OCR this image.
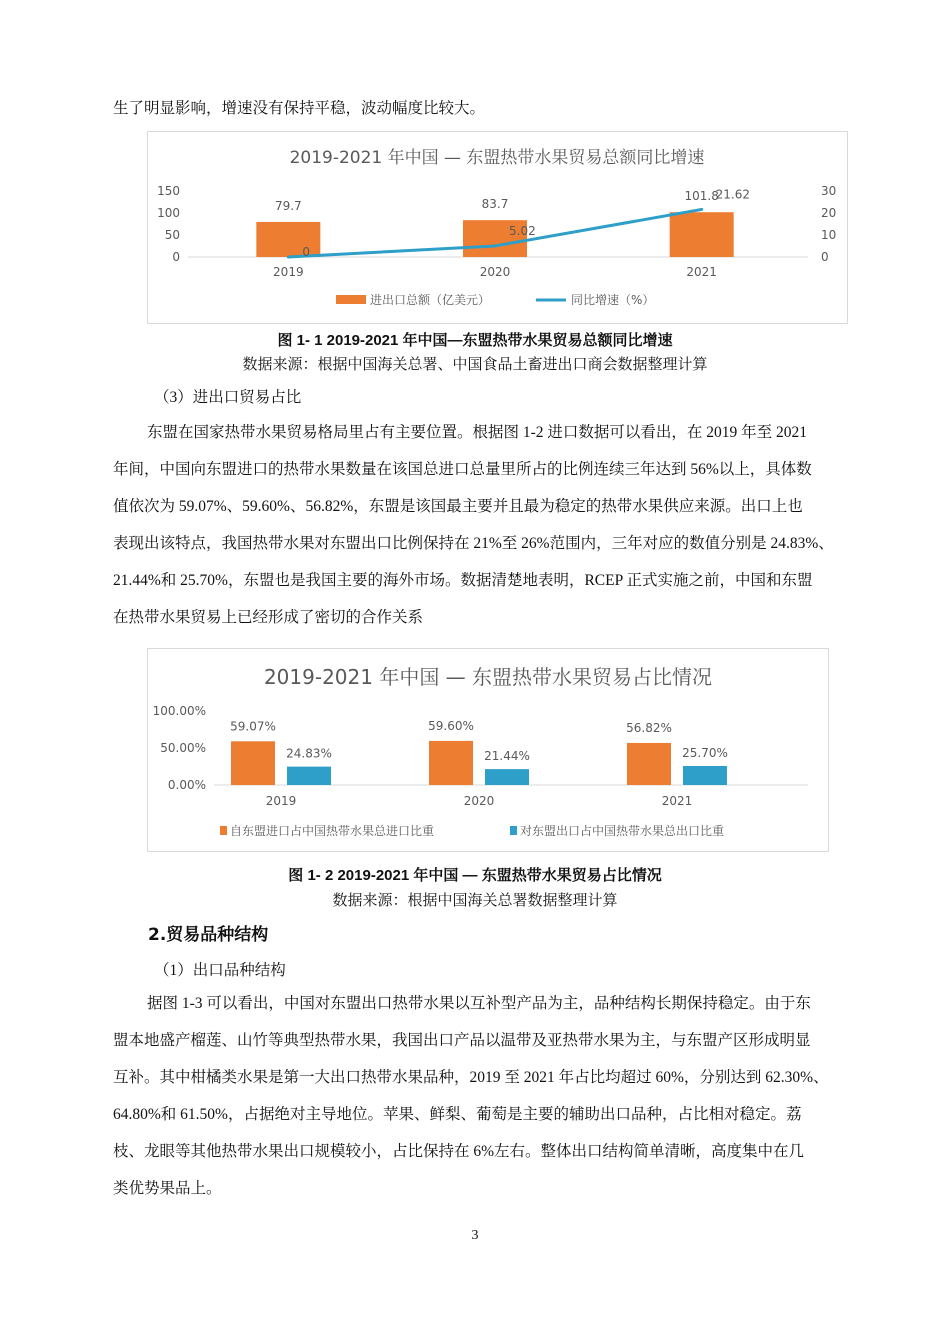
生了明显影响，增速没有保持平稳，波动幅度比较大。
2019-2021 年中国 — 东盟热带水果贸易总额同比增速
150
100
50
0
30
20
10
0
79.7	83.7
101.8
2019	2020	2021
0
5.02
21.62
进出口总额（亿美元）	同比增速（%）
图 1- 1 2019-2021 年中国—东盟热带水果贸易总额同比增速
数据来源：根据中国海关总署、中国食品土畜进出口商会数据整理计算
（3）进出口贸易占比
东盟在国家热带水果贸易格局里占有主要位置。根据图 1-2 进口数据可以看出，在 2019 年至 2021
年间，中国向东盟进口的热带水果数量在该国总进口总量里所占的比例连续三年达到 56%以上，具体数
值依次为 59.07%、59.60%、56.82%，东盟是该国最主要并且最为稳定的热带水果供应来源。出口上也
表现出该特点，我国热带水果对东盟出口比例保持在 21%至 26%范围内，三年对应的数值分别是 24.83%、
21.44%和 25.70%，东盟也是我国主要的海外市场。数据清楚地表明，RCEP 正式实施之前，中国和东盟
在热带水果贸易上已经形成了密切的合作关系
2019-2021 年中国 — 东盟热带水果贸易占比情况
100.00%
50.00%
0.00%
59.07%	59.60%	56.82%
24.83%	21.44%	25.70%
2019	2020	2021
自东盟进口占中国热带水果总进口比重	对东盟出口占中国热带水果总出口比重
图 1- 2 2019-2021 年中国 — 东盟热带水果贸易占比情况
数据来源：根据中国海关总署数据整理计算
2.贸易品种结构
（1）出口品种结构
据图 1-3 可以看出，中国对东盟出口热带水果以互补型产品为主，品种结构长期保持稳定。由于东
盟本地盛产榴莲、山竹等典型热带水果，我国出口产品以温带及亚热带水果为主，与东盟产区形成明显
互补。其中柑橘类水果是第一大出口热带水果品种，2019 至 2021 年占比均超过 60%，分别达到 62.30%、
64.80%和 61.50%，占据绝对主导地位。苹果、鲜梨、葡萄是主要的辅助出口品种，占比相对稳定。荔
枝、龙眼等其他热带水果出口规模较小，占比保持在 6%左右。整体出口结构简单清晰，高度集中在几
类优势果品上。
3
